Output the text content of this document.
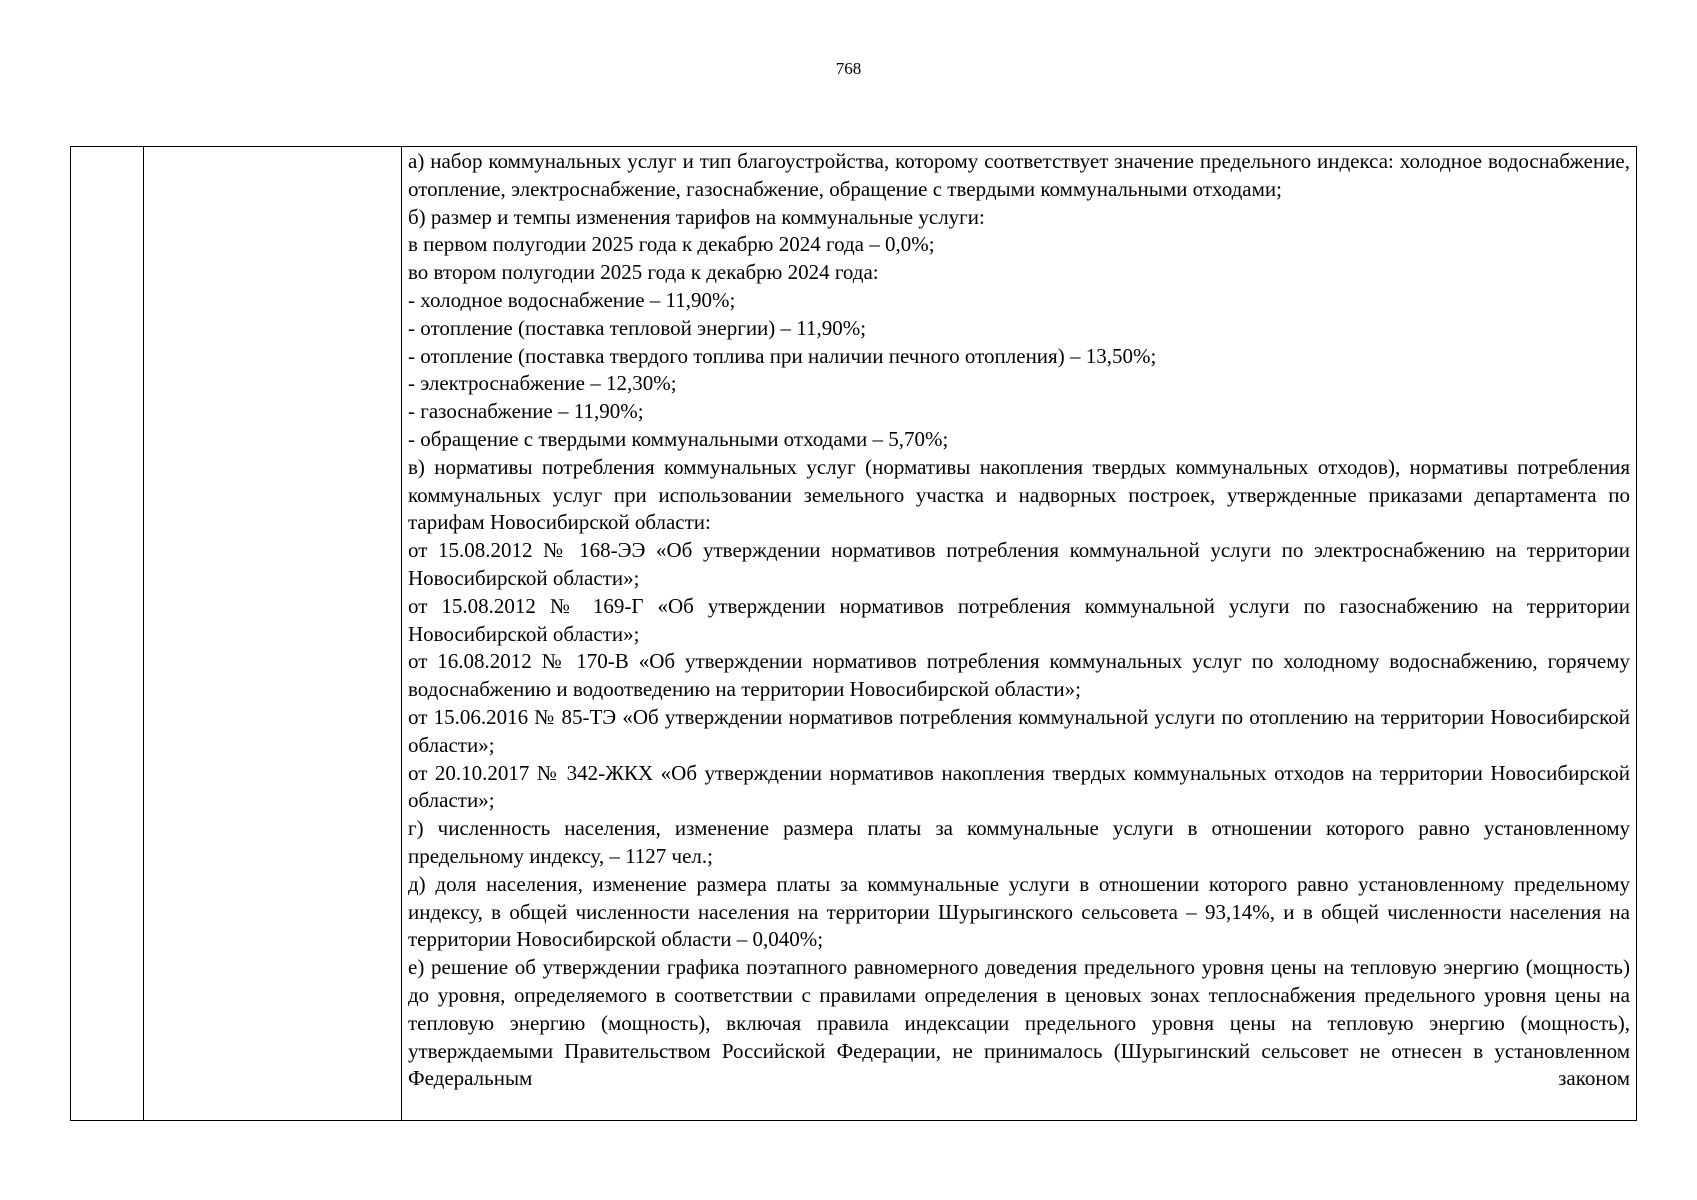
768

а) набор коммунальных услуг и тип благоустройства, которому соответствует значение предельного индекса: холодное водоснабжение, отопление, электроснабжение, газоснабжение, обращение с твердыми коммунальными отходами;

б) размер и темпы изменения тарифов на коммунальные услуги:

в первом полугодии 2025 года к декабрю 2024 года – 0,0%;

во втором полугодии 2025 года к декабрю 2024 года:

- холодное водоснабжение – 11,90%;

- отопление (поставка тепловой энергии) – 11,90%;

- отопление (поставка твердого топлива при наличии печного отопления) – 13,50%;

- электроснабжение – 12,30%;

- газоснабжение – 11,90%;

- обращение с твердыми коммунальными отходами – 5,70%;

в) нормативы потребления коммунальных услуг (нормативы накопления твердых коммунальных отходов), нормативы потребления коммунальных услуг при использовании земельного участка и надворных построек, утвержденные приказами департамента по тарифам Новосибирской области:

от 15.08.2012 № 168-ЭЭ «Об утверждении нормативов потребления коммунальной услуги по электроснабжению на территории Новосибирской области»;

от 15.08.2012 № 169-Г «Об утверждении нормативов потребления коммунальной услуги по газоснабжению на территории Новосибирской области»;

от 16.08.2012 № 170-В «Об утверждении нормативов потребления коммунальных услуг по холодному водоснабжению, горячему водоснабжению и водоотведению на территории Новосибирской области»;

от 15.06.2016 № 85-ТЭ «Об утверждении нормативов потребления коммунальной услуги по отоплению на территории Новосибирской области»;

от 20.10.2017 № 342-ЖКХ «Об утверждении нормативов накопления твердых коммунальных отходов на территории Новосибирской области»;

г) численность населения, изменение размера платы за коммунальные услуги в отношении которого равно установленному предельному индексу, – 1127 чел.;

д) доля населения, изменение размера платы за коммунальные услуги в отношении которого равно установленному предельному индексу, в общей численности населения на территории Шурыгинского сельсовета – 93,14%, и в общей численности населения на территории Новосибирской области – 0,040%;

е) решение об утверждении графика поэтапного равномерного доведения предельного уровня цены на тепловую энергию (мощность) до уровня, определяемого в соответствии с правилами определения в ценовых зонах теплоснабжения предельного уровня цены на тепловую энергию (мощность), включая правила индексации предельного уровня цены на тепловую энергию (мощность), утверждаемыми Правительством Российской Федерации, не принималось (Шурыгинский сельсовет не отнесен в установленном Федеральным законом
